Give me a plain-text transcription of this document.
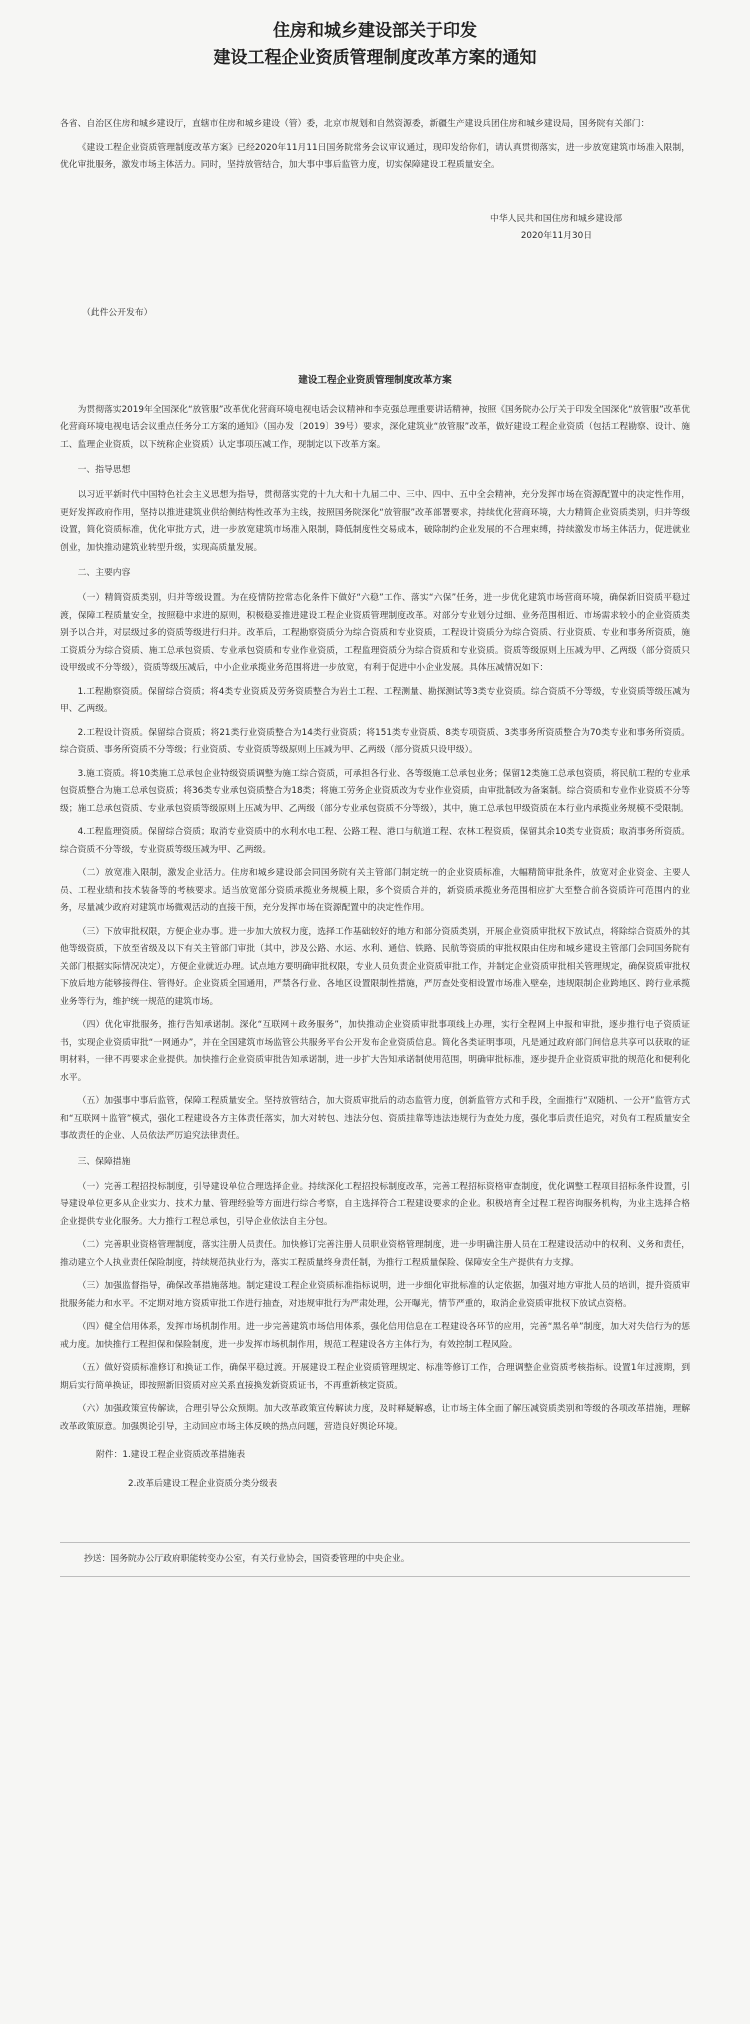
住房和城乡建设部关于印发

建设工程企业资质管理制度改革方案的通知

各省、自治区住房和城乡建设厅，直辖市住房和城乡建设（管）委，北京市规划和自然资源委，新疆生产建设兵团住房和城乡建设局，国务院有关部门：

《建设工程企业资质管理制度改革方案》已经2020年11月11日国务院常务会议审议通过，现印发给你们，请认真贯彻落实，进一步放宽建筑市场准入限制，优化审批服务，激发市场主体活力。同时，坚持放管结合，加大事中事后监管力度，切实保障建设工程质量安全。

中华人民共和国住房和城乡建设部

2020年11月30日

（此件公开发布）

建设工程企业资质管理制度改革方案

为贯彻落实2019年全国深化“放管服”改革优化营商环境电视电话会议精神和李克强总理重要讲话精神，按照《国务院办公厅关于印发全国深化“放管服”改革优化营商环境电视电话会议重点任务分工方案的通知》（国办发〔2019〕39号）要求，深化建筑业“放管服”改革，做好建设工程企业资质（包括工程勘察、设计、施工、监理企业资质，以下统称企业资质）认定事项压减工作，现制定以下改革方案。

一、指导思想

以习近平新时代中国特色社会主义思想为指导，贯彻落实党的十九大和十九届二中、三中、四中、五中全会精神，充分发挥市场在资源配置中的决定性作用，更好发挥政府作用，坚持以推进建筑业供给侧结构性改革为主线，按照国务院深化“放管服”改革部署要求，持续优化营商环境，大力精简企业资质类别，归并等级设置，简化资质标准，优化审批方式，进一步放宽建筑市场准入限制，降低制度性交易成本，破除制约企业发展的不合理束缚，持续激发市场主体活力，促进就业创业，加快推动建筑业转型升级，实现高质量发展。

二、主要内容

（一）精简资质类别，归并等级设置。为在疫情防控常态化条件下做好“六稳”工作、落实“六保”任务，进一步优化建筑市场营商环境，确保新旧资质平稳过渡，保障工程质量安全，按照稳中求进的原则，积极稳妥推进建设工程企业资质管理制度改革。对部分专业划分过细、业务范围相近、市场需求较小的企业资质类别予以合并，对层级过多的资质等级进行归并。改革后，工程勘察资质分为综合资质和专业资质，工程设计资质分为综合资质、行业资质、专业和事务所资质，施工资质分为综合资质、施工总承包资质、专业承包资质和专业作业资质，工程监理资质分为综合资质和专业资质。资质等级原则上压减为甲、乙两级（部分资质只设甲级或不分等级），资质等级压减后，中小企业承揽业务范围将进一步放宽，有利于促进中小企业发展。具体压减情况如下：

1.工程勘察资质。保留综合资质；将4类专业资质及劳务资质整合为岩土工程、工程测量、勘探测试等3类专业资质。综合资质不分等级，专业资质等级压减为甲、乙两级。

2.工程设计资质。保留综合资质；将21类行业资质整合为14类行业资质；将151类专业资质、8类专项资质、3类事务所资质整合为70类专业和事务所资质。综合资质、事务所资质不分等级；行业资质、专业资质等级原则上压减为甲、乙两级（部分资质只设甲级）。

3.施工资质。将10类施工总承包企业特级资质调整为施工综合资质，可承担各行业、各等级施工总承包业务；保留12类施工总承包资质，将民航工程的专业承包资质整合为施工总承包资质；将36类专业承包资质整合为18类；将施工劳务企业资质改为专业作业资质，由审批制改为备案制。综合资质和专业作业资质不分等级；施工总承包资质、专业承包资质等级原则上压减为甲、乙两级（部分专业承包资质不分等级），其中，施工总承包甲级资质在本行业内承揽业务规模不受限制。

4.工程监理资质。保留综合资质；取消专业资质中的水利水电工程、公路工程、港口与航道工程、农林工程资质，保留其余10类专业资质；取消事务所资质。综合资质不分等级，专业资质等级压减为甲、乙两级。

（二）放宽准入限制，激发企业活力。住房和城乡建设部会同国务院有关主管部门制定统一的企业资质标准，大幅精简审批条件，放宽对企业资金、主要人员、工程业绩和技术装备等的考核要求。适当放宽部分资质承揽业务规模上限，多个资质合并的，新资质承揽业务范围相应扩大至整合前各资质许可范围内的业务，尽量减少政府对建筑市场微观活动的直接干预，充分发挥市场在资源配置中的决定性作用。

（三）下放审批权限，方便企业办事。进一步加大放权力度，选择工作基础较好的地方和部分资质类别，开展企业资质审批权下放试点，将除综合资质外的其他等级资质，下放至省级及以下有关主管部门审批（其中，涉及公路、水运、水利、通信、铁路、民航等资质的审批权限由住房和城乡建设主管部门会同国务院有关部门根据实际情况决定），方便企业就近办理。试点地方要明确审批权限，专业人员负责企业资质审批工作，并制定企业资质审批相关管理规定，确保资质审批权下放后地方能够接得住、管得好。企业资质全国通用，严禁各行业、各地区设置限制性措施，严厉查处变相设置市场准入壁垒，违规限制企业跨地区、跨行业承揽业务等行为，维护统一规范的建筑市场。

（四）优化审批服务，推行告知承诺制。深化“互联网＋政务服务”，加快推动企业资质审批事项线上办理，实行全程网上申报和审批，逐步推行电子资质证书，实现企业资质审批“一网通办”，并在全国建筑市场监管公共服务平台公开发布企业资质信息。简化各类证明事项，凡是通过政府部门间信息共享可以获取的证明材料，一律不再要求企业提供。加快推行企业资质审批告知承诺制，进一步扩大告知承诺制使用范围，明确审批标准，逐步提升企业资质审批的规范化和便利化水平。

（五）加强事中事后监管，保障工程质量安全。坚持放管结合，加大资质审批后的动态监管力度，创新监管方式和手段，全面推行“双随机、一公开”监管方式和“互联网＋监管”模式，强化工程建设各方主体责任落实，加大对转包、违法分包、资质挂靠等违法违规行为查处力度，强化事后责任追究，对负有工程质量安全事故责任的企业、人员依法严厉追究法律责任。

三、保障措施

（一）完善工程招投标制度，引导建设单位合理选择企业。持续深化工程招投标制度改革，完善工程招标资格审查制度，优化调整工程项目招标条件设置，引导建设单位更多从企业实力、技术力量、管理经验等方面进行综合考察，自主选择符合工程建设要求的企业。积极培育全过程工程咨询服务机构，为业主选择合格企业提供专业化服务。大力推行工程总承包，引导企业依法自主分包。

（二）完善职业资格管理制度，落实注册人员责任。加快修订完善注册人员职业资格管理制度，进一步明确注册人员在工程建设活动中的权利、义务和责任，推动建立个人执业责任保险制度，持续规范执业行为，落实工程质量终身责任制，为推行工程质量保险、保障安全生产提供有力支撑。

（三）加强监督指导，确保改革措施落地。制定建设工程企业资质标准指标说明，进一步细化审批标准的认定依据，加强对地方审批人员的培训，提升资质审批服务能力和水平。不定期对地方资质审批工作进行抽查，对违规审批行为严肃处理，公开曝光，情节严重的，取消企业资质审批权下放试点资格。

（四）健全信用体系，发挥市场机制作用。进一步完善建筑市场信用体系，强化信用信息在工程建设各环节的应用，完善“黑名单”制度，加大对失信行为的惩戒力度。加快推行工程担保和保险制度，进一步发挥市场机制作用，规范工程建设各方主体行为，有效控制工程风险。

（五）做好资质标准修订和换证工作，确保平稳过渡。开展建设工程企业资质管理规定、标准等修订工作，合理调整企业资质考核指标。设置1年过渡期，到期后实行简单换证，即按照新旧资质对应关系直接换发新资质证书，不再重新核定资质。

（六）加强政策宣传解读，合理引导公众预期。加大改革政策宣传解读力度，及时释疑解惑，让市场主体全面了解压减资质类别和等级的各项改革措施，理解改革政策原意。加强舆论引导，主动回应市场主体反映的热点问题，营造良好舆论环境。

附件：1.建设工程企业资质改革措施表

2.改革后建设工程企业资质分类分级表

抄送：国务院办公厅政府职能转变办公室，有关行业协会，国资委管理的中央企业。
